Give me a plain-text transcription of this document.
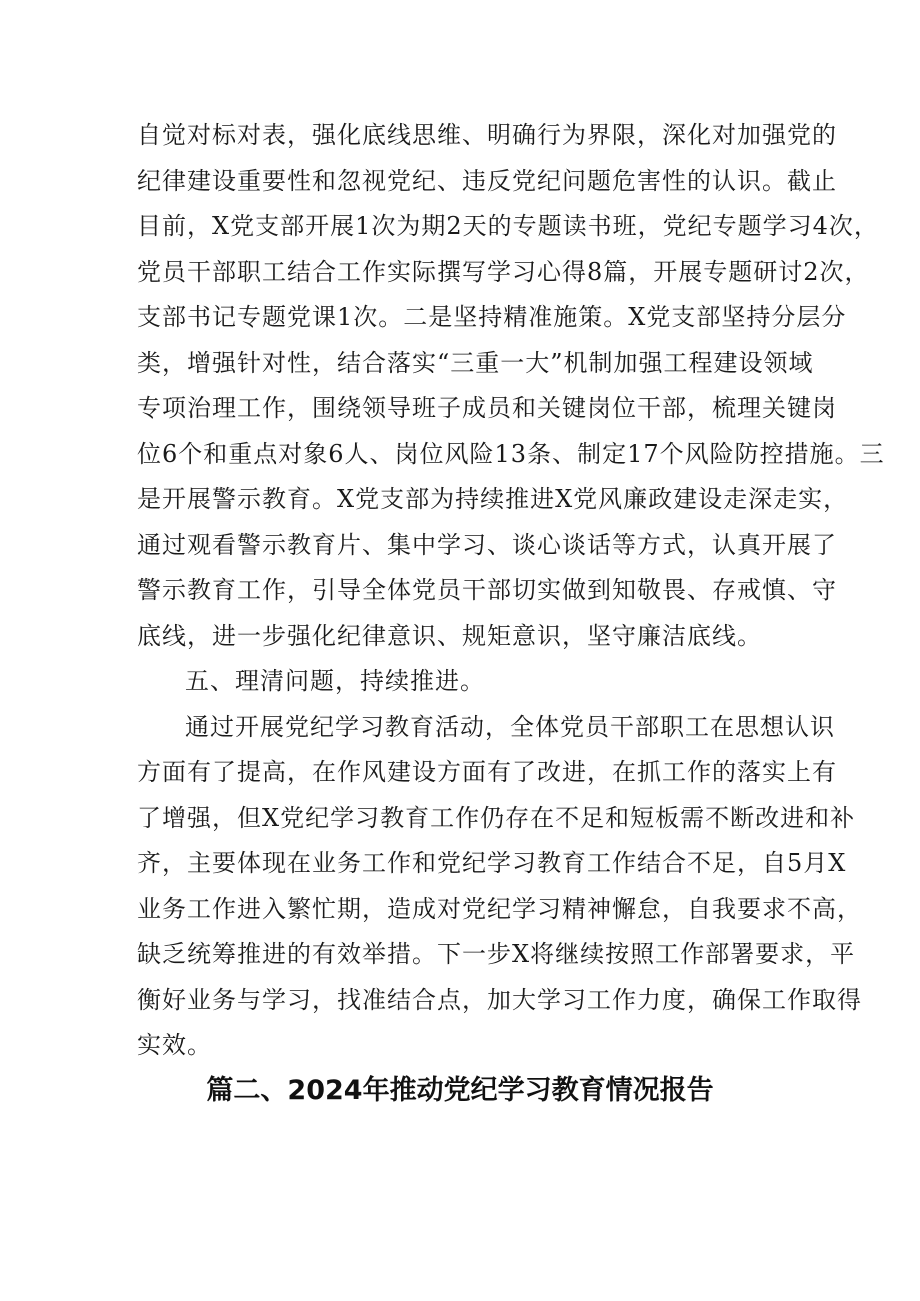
自觉对标对表，强化底线思维、明确行为界限，深化对加强党的
纪律建设重要性和忽视党纪、违反党纪问题危害性的认识。截止
目前，X党支部开展1次为期2天的专题读书班，党纪专题学习4次，
党员干部职工结合工作实际撰写学习心得8篇，开展专题研讨2次，
支部书记专题党课1次。二是坚持精准施策。X党支部坚持分层分
类，增强针对性，结合落实“三重一大”机制加强工程建设领域
专项治理工作，围绕领导班子成员和关键岗位干部，梳理关键岗
位6个和重点对象6人、岗位风险13条、制定17个风险防控措施。三
是开展警示教育。X党支部为持续推进X党风廉政建设走深走实，
通过观看警示教育片、集中学习、谈心谈话等方式，认真开展了
警示教育工作，引导全体党员干部切实做到知敬畏、存戒慎、守
底线，进一步强化纪律意识、规矩意识，坚守廉洁底线。
五、理清问题，持续推进。
通过开展党纪学习教育活动，全体党员干部职工在思想认识
方面有了提高，在作风建设方面有了改进，在抓工作的落实上有
了增强，但X党纪学习教育工作仍存在不足和短板需不断改进和补
齐，主要体现在业务工作和党纪学习教育工作结合不足，自5月X
业务工作进入繁忙期，造成对党纪学习精神懈怠，自我要求不高，
缺乏统筹推进的有效举措。下一步X将继续按照工作部署要求，平
衡好业务与学习，找准结合点，加大学习工作力度，确保工作取得
实效。
篇二、2024年推动党纪学习教育情况报告
